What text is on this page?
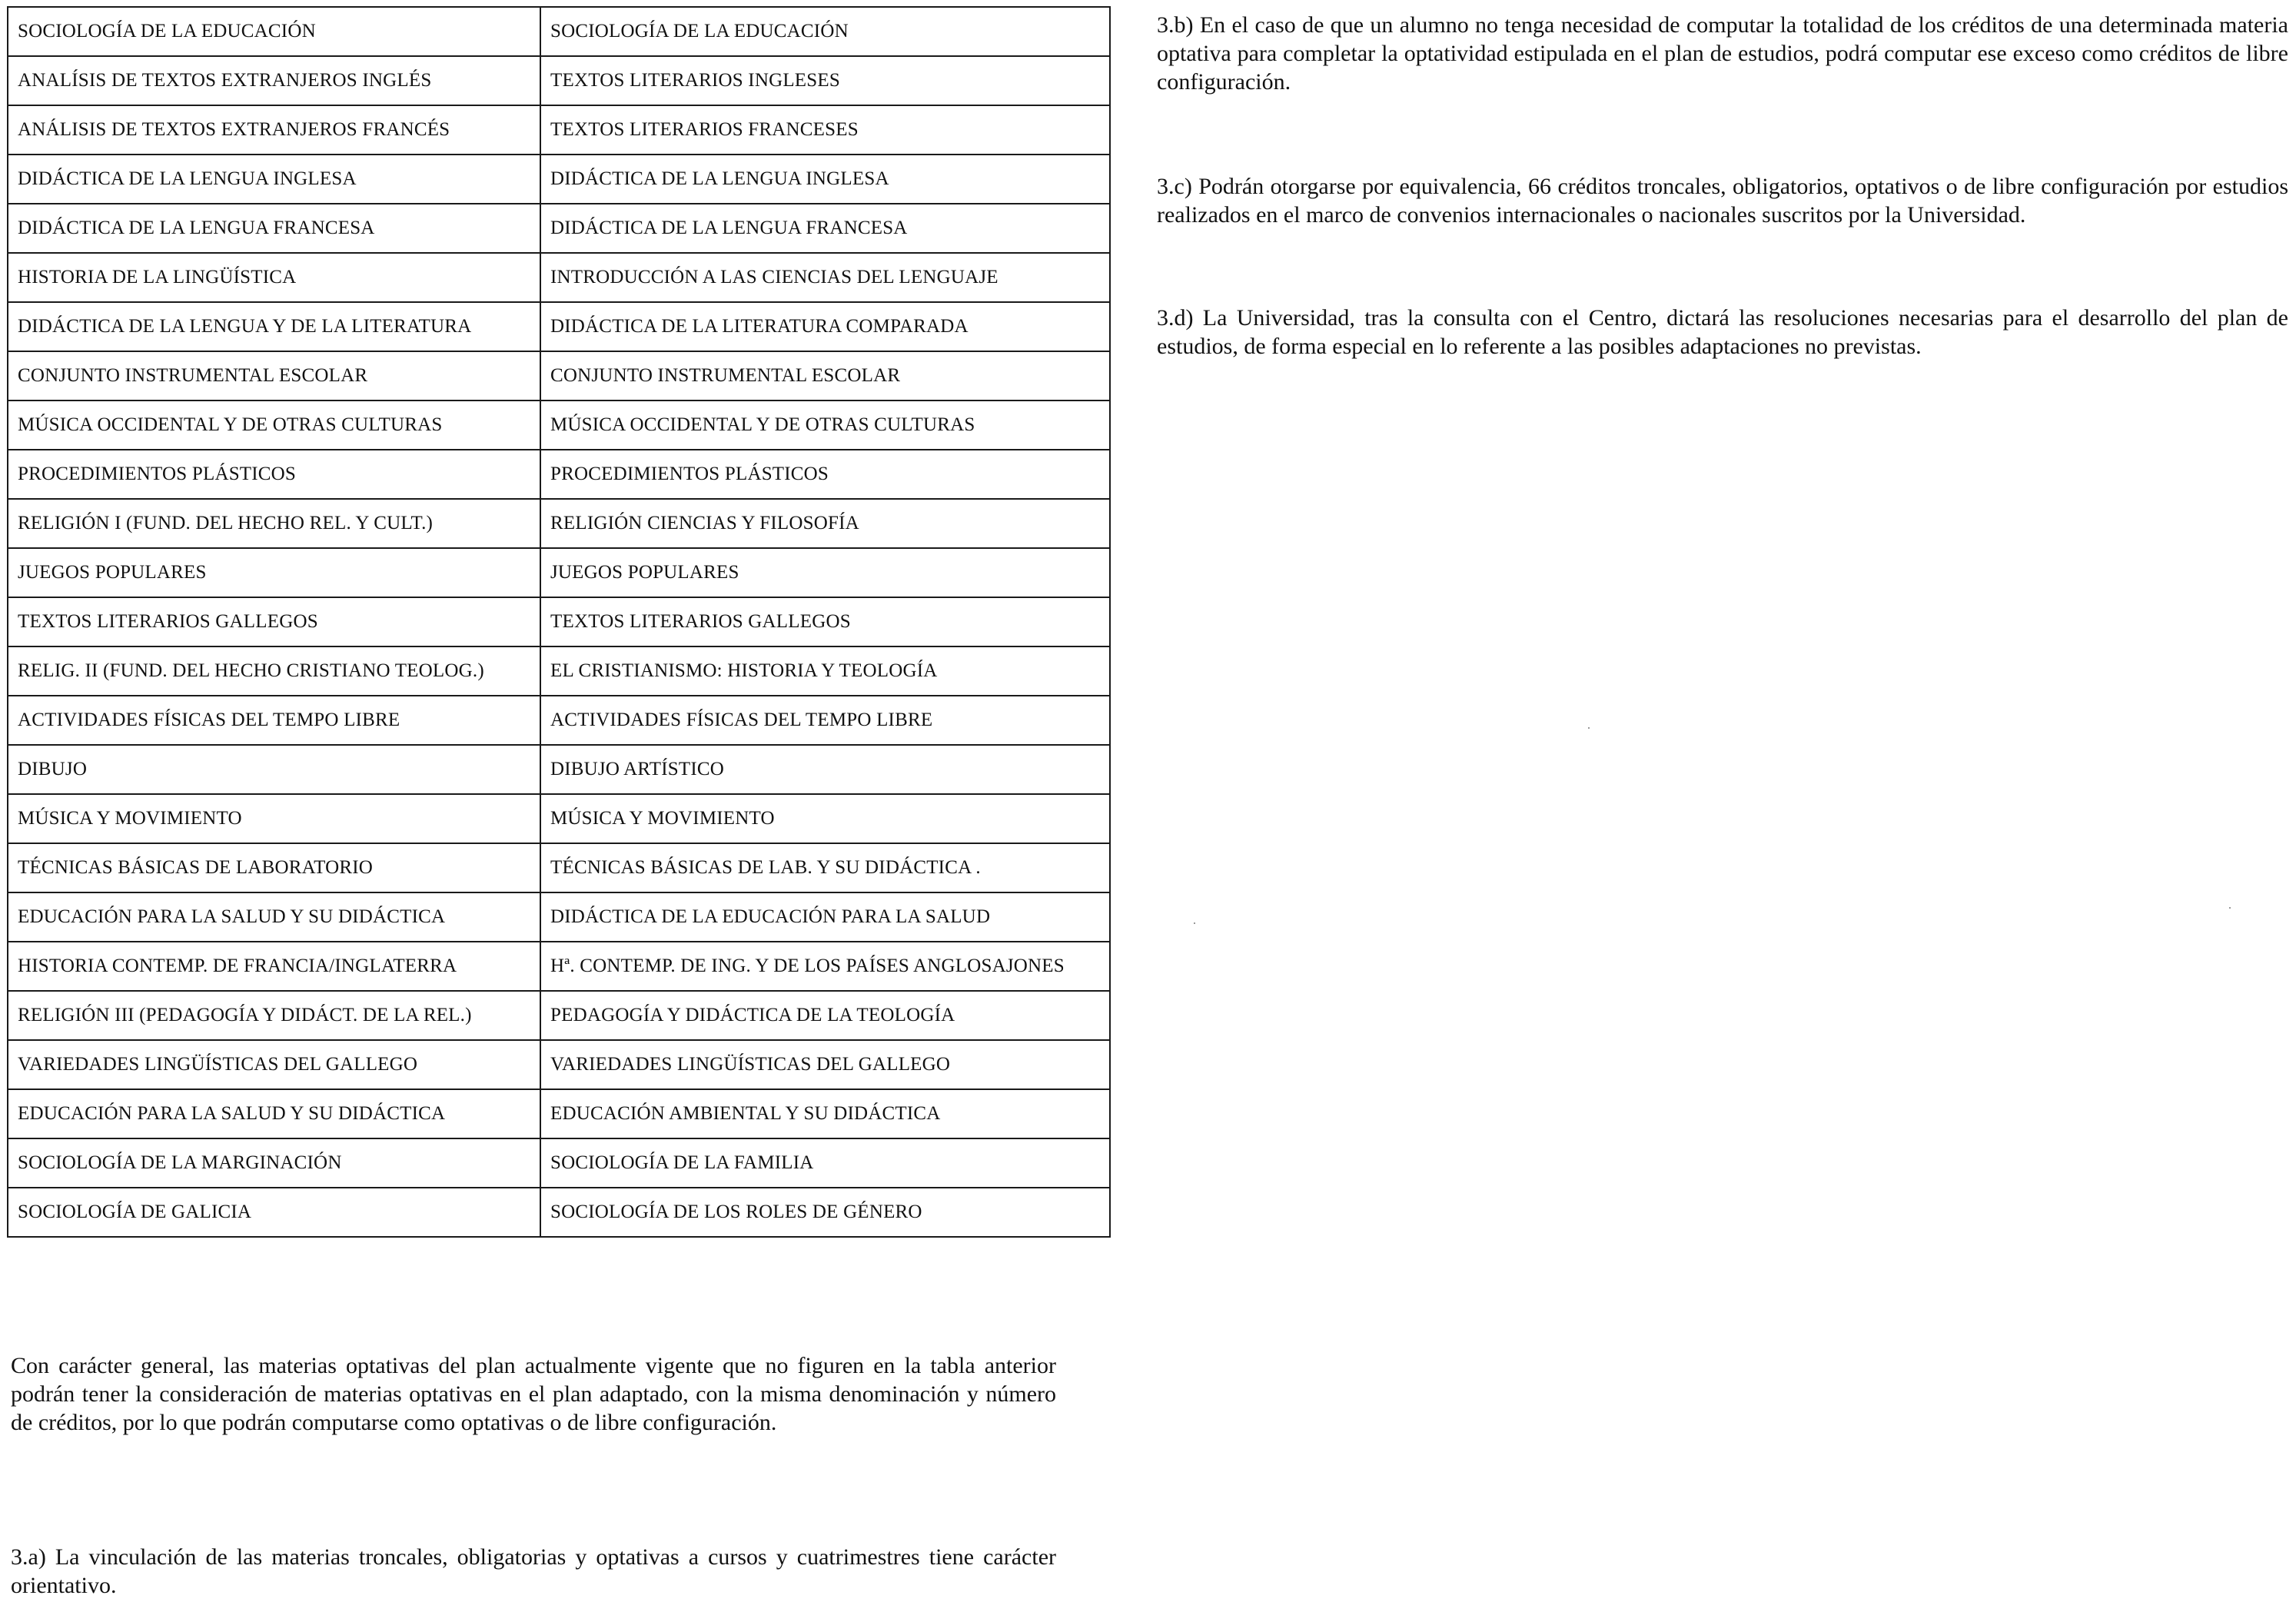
SOCIOLOGÍA DE LA EDUCACIÓN	SOCIOLOGÍA DE LA EDUCACIÓN
ANALÍSIS DE TEXTOS EXTRANJEROS INGLÉS	TEXTOS LITERARIOS INGLESES
ANÁLISIS DE TEXTOS EXTRANJEROS FRANCÉS	TEXTOS LITERARIOS FRANCESES
DIDÁCTICA DE LA LENGUA INGLESA	DIDÁCTICA DE LA LENGUA INGLESA
DIDÁCTICA DE LA LENGUA FRANCESA	DIDÁCTICA DE LA LENGUA FRANCESA
HISTORIA DE LA LINGÜÍSTICA	INTRODUCCIÓN A LAS CIENCIAS DEL LENGUAJE
DIDÁCTICA DE LA LENGUA Y DE LA LITERATURA	DIDÁCTICA DE LA LITERATURA COMPARADA
CONJUNTO INSTRUMENTAL ESCOLAR	CONJUNTO INSTRUMENTAL ESCOLAR
MÚSICA OCCIDENTAL Y DE OTRAS CULTURAS	MÚSICA OCCIDENTAL Y DE OTRAS CULTURAS
PROCEDIMIENTOS PLÁSTICOS	PROCEDIMIENTOS PLÁSTICOS
RELIGIÓN I (FUND. DEL HECHO REL. Y CULT.)	RELIGIÓN CIENCIAS Y FILOSOFÍA
JUEGOS POPULARES	JUEGOS POPULARES
TEXTOS LITERARIOS GALLEGOS	TEXTOS LITERARIOS GALLEGOS
RELIG. II (FUND. DEL HECHO CRISTIANO TEOLOG.)	EL CRISTIANISMO: HISTORIA Y TEOLOGÍA
ACTIVIDADES FÍSICAS DEL TEMPO LIBRE	ACTIVIDADES FÍSICAS DEL TEMPO LIBRE
DIBUJO	DIBUJO ARTÍSTICO
MÚSICA Y MOVIMIENTO	MÚSICA Y MOVIMIENTO
TÉCNICAS BÁSICAS DE LABORATORIO	TÉCNICAS BÁSICAS DE LAB. Y SU DIDÁCTICA .
EDUCACIÓN PARA LA SALUD Y SU DIDÁCTICA	DIDÁCTICA DE LA EDUCACIÓN PARA LA SALUD
HISTORIA CONTEMP. DE FRANCIA/INGLATERRA	Hª. CONTEMP. DE ING. Y DE LOS PAÍSES ANGLOSAJONES
RELIGIÓN III (PEDAGOGÍA Y DIDÁCT. DE LA REL.)	PEDAGOGÍA Y DIDÁCTICA DE LA TEOLOGÍA
VARIEDADES LINGÜÍSTICAS DEL GALLEGO	VARIEDADES LINGÜÍSTICAS DEL GALLEGO
EDUCACIÓN PARA LA SALUD Y SU DIDÁCTICA	EDUCACIÓN AMBIENTAL Y SU DIDÁCTICA
SOCIOLOGÍA DE LA MARGINACIÓN	SOCIOLOGÍA DE LA FAMILIA
SOCIOLOGÍA DE GALICIA	SOCIOLOGÍA DE LOS ROLES DE GÉNERO

Con carácter general, las materias optativas del plan actualmente vigente que no figuren en la tabla anterior podrán tener la consideración de materias optativas en el plan adaptado, con la misma denominación y número de créditos, por lo que podrán computarse como optativas o de libre configuración.

3.a) La vinculación de las materias troncales, obligatorias y optativas a cursos y cuatrimestres tiene carácter orientativo.

3.b) En el caso de que un alumno no tenga necesidad de computar la totalidad de los créditos de una determinada materia optativa para completar la optatividad estipulada en el plan de estudios, podrá computar ese exceso como créditos de libre configuración.

3.c) Podrán otorgarse por equivalencia, 66 créditos troncales, obligatorios, optativos o de libre configuración por estudios realizados en el marco de convenios internacionales o nacionales suscritos por la Universidad.

3.d) La Universidad, tras la consulta con el Centro, dictará las resoluciones necesarias para el desarrollo del plan de estudios, de forma especial en lo referente a las posibles adaptaciones no previstas.
